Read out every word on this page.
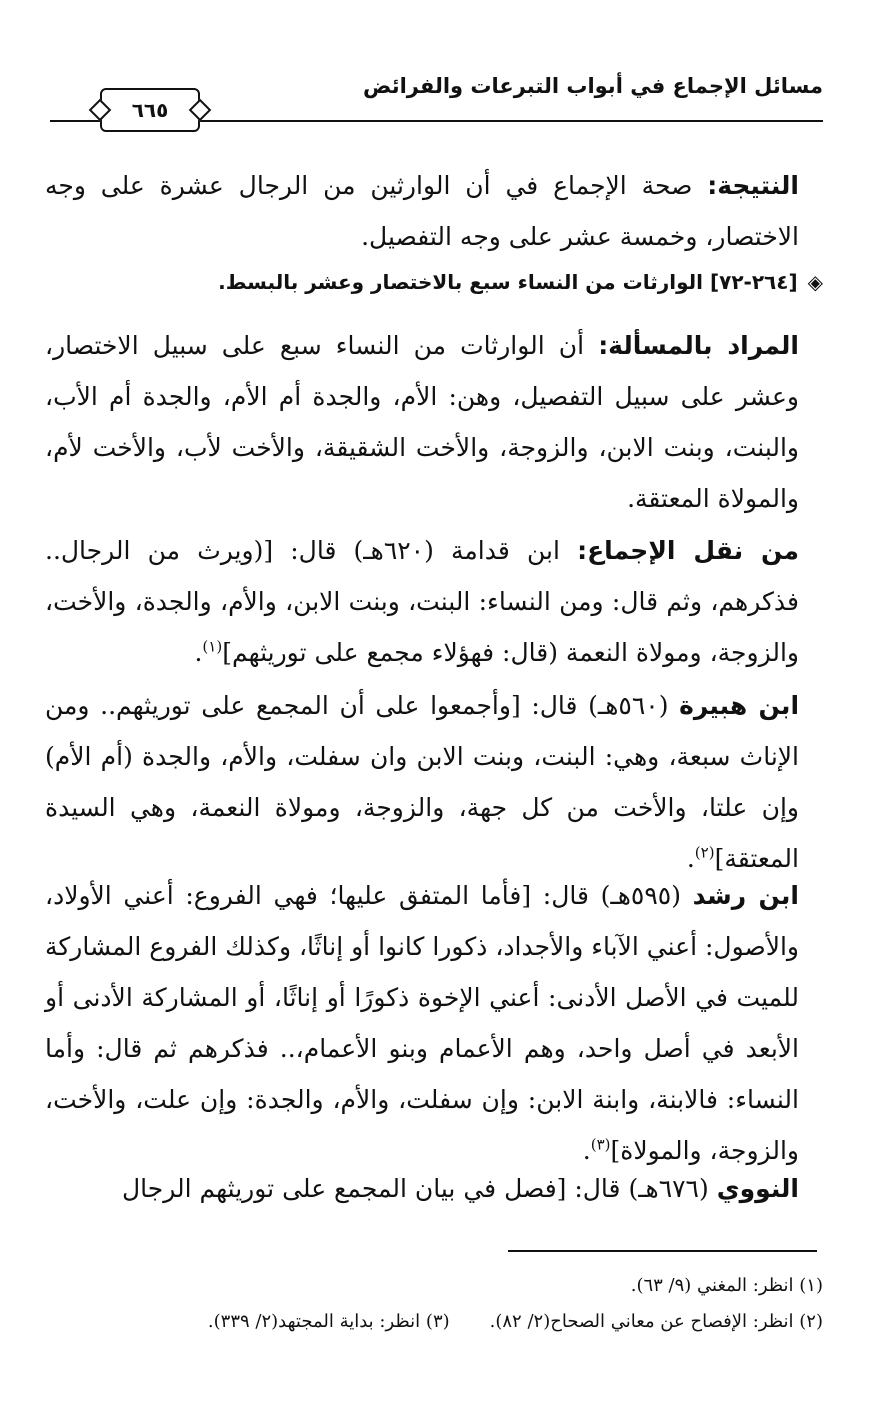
مسائل الإجماع في أبواب التبرعات والفرائض
٦٦٥

النتيجة: صحة الإجماع في أن الوارثين من الرجال عشرة على وجه الاختصار، وخمسة عشر على وجه التفصيل.

◈[٢٦٤-٧٢] الوارثات من النساء سبع بالاختصار وعشر بالبسط.

المراد بالمسألة: أن الوارثات من النساء سبع على سبيل الاختصار، وعشر على سبيل التفصيل، وهن: الأم، والجدة أم الأم، والجدة أم الأب، والبنت، وبنت الابن، والزوجة، والأخت الشقيقة، والأخت لأب، والأخت لأم، والمولاة المعتقة.

من نقل الإجماع: ابن قدامة (٦٢٠هـ) قال: [(ويرث من الرجال.. فذكرهم، وثم قال: ومن النساء: البنت، وبنت الابن، والأم، والجدة، والأخت، والزوجة، ومولاة النعمة (قال: فهؤلاء مجمع على توريثهم]$^{(١)}$.

ابن هبيرة (٥٦٠هـ) قال: [وأجمعوا على أن المجمع على توريثهم.. ومن الإناث سبعة، وهي: البنت، وبنت الابن وان سفلت، والأم، والجدة (أم الأم) وإن علتا، والأخت من كل جهة، والزوجة، ومولاة النعمة، وهي السيدة المعتقة]$^{(٢)}$.

ابن رشد (٥٩٥هـ) قال: [فأما المتفق عليها؛ فهي الفروع: أعني الأولاد، والأصول: أعني الآباء والأجداد، ذكورا كانوا أو إناثًا، وكذلك الفروع المشاركة للميت في الأصل الأدنى: أعني الإخوة ذكورًا أو إناثًا، أو المشاركة الأدنى أو الأبعد في أصل واحد، وهم الأعمام وبنو الأعمام،.. فذكرهم ثم قال: وأما النساء: فالابنة، وابنة الابن: وإن سفلت، والأم، والجدة: وإن علت، والأخت، والزوجة، والمولاة]$^{(٣)}$.

النووي (٦٧٦هـ) قال: [فصل في بيان المجمع على توريثهم الرجال

(١) انظر: المغني (٩/ ٦٣).
(٢) انظر: الإفصاح عن معاني الصحاح(٢/ ٨٢).(٣) انظر: بداية المجتهد(٢/ ٣٣٩).
